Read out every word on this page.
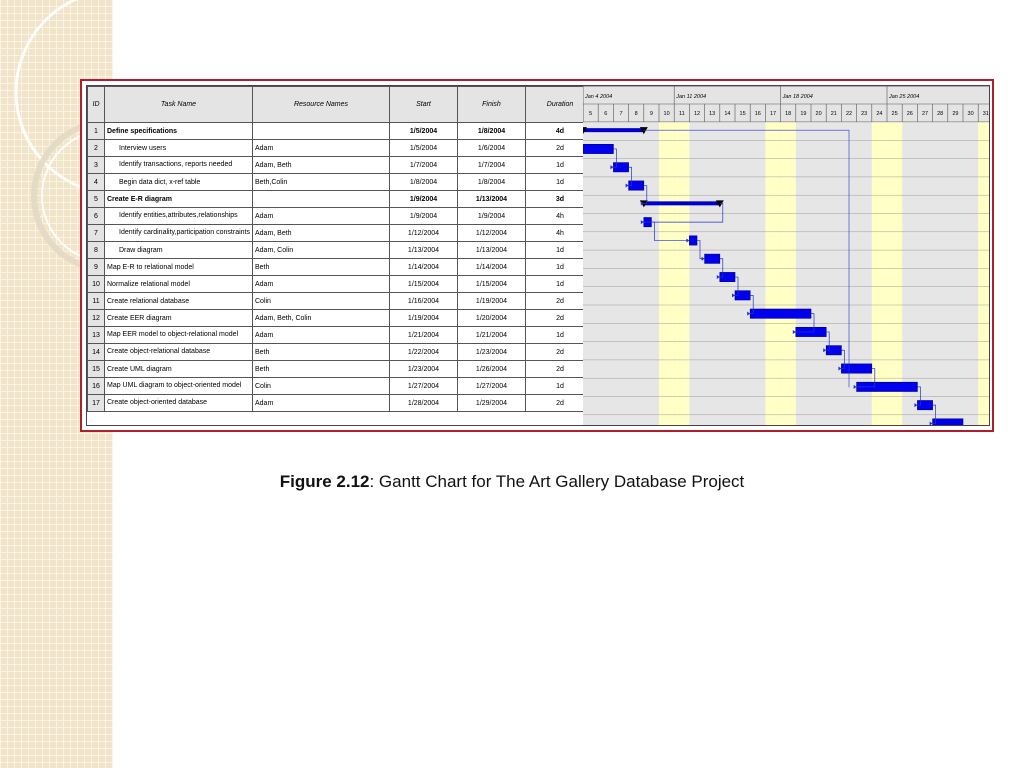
ID	Task Name	Resource Names	Start	Finish	Duration
1	Define specifications		1/5/2004	1/8/2004	4d
2	Interview users	Adam	1/5/2004	1/6/2004	2d
3	Identify transactions, reports needed	Adam, Beth	1/7/2004	1/7/2004	1d
4	Begin data dict, x-ref table	Beth,Colin	1/8/2004	1/8/2004	1d
5	Create E-R diagram		1/9/2004	1/13/2004	3d
6	Identify entities,attributes,relationships	Adam	1/9/2004	1/9/2004	4h
7	Identify cardinality,participation constraints	Adam, Beth	1/12/2004	1/12/2004	4h
8	Draw diagram	Adam, Colin	1/13/2004	1/13/2004	1d
9	Map E-R to relational model	Beth	1/14/2004	1/14/2004	1d
10	Normalize relational model	Adam	1/15/2004	1/15/2004	1d
11	Create relational database	Colin	1/16/2004	1/19/2004	2d
12	Create EER diagram	Adam, Beth, Colin	1/19/2004	1/20/2004	2d
13	Map EER model to object-relational model	Adam	1/21/2004	1/21/2004	1d
14	Create object-relational database	Beth	1/22/2004	1/23/2004	2d
15	Create UML diagram	Beth	1/23/2004	1/26/2004	2d
16	Map UML diagram to object-oriented model	Colin	1/27/2004	1/27/2004	1d
17	Create object-oriented database	Adam	1/28/2004	1/29/2004	2d
Jan 4 2004	Jan 11 2004	Jan 18 2004	Jan 25 2004
5 6 7 8 9 10 11 12 13 14 15 16 17 18 19 20 21 22 23 24 25 26 27 28 29 30 31
Figure 2.12: Gantt Chart for The Art Gallery Database Project
